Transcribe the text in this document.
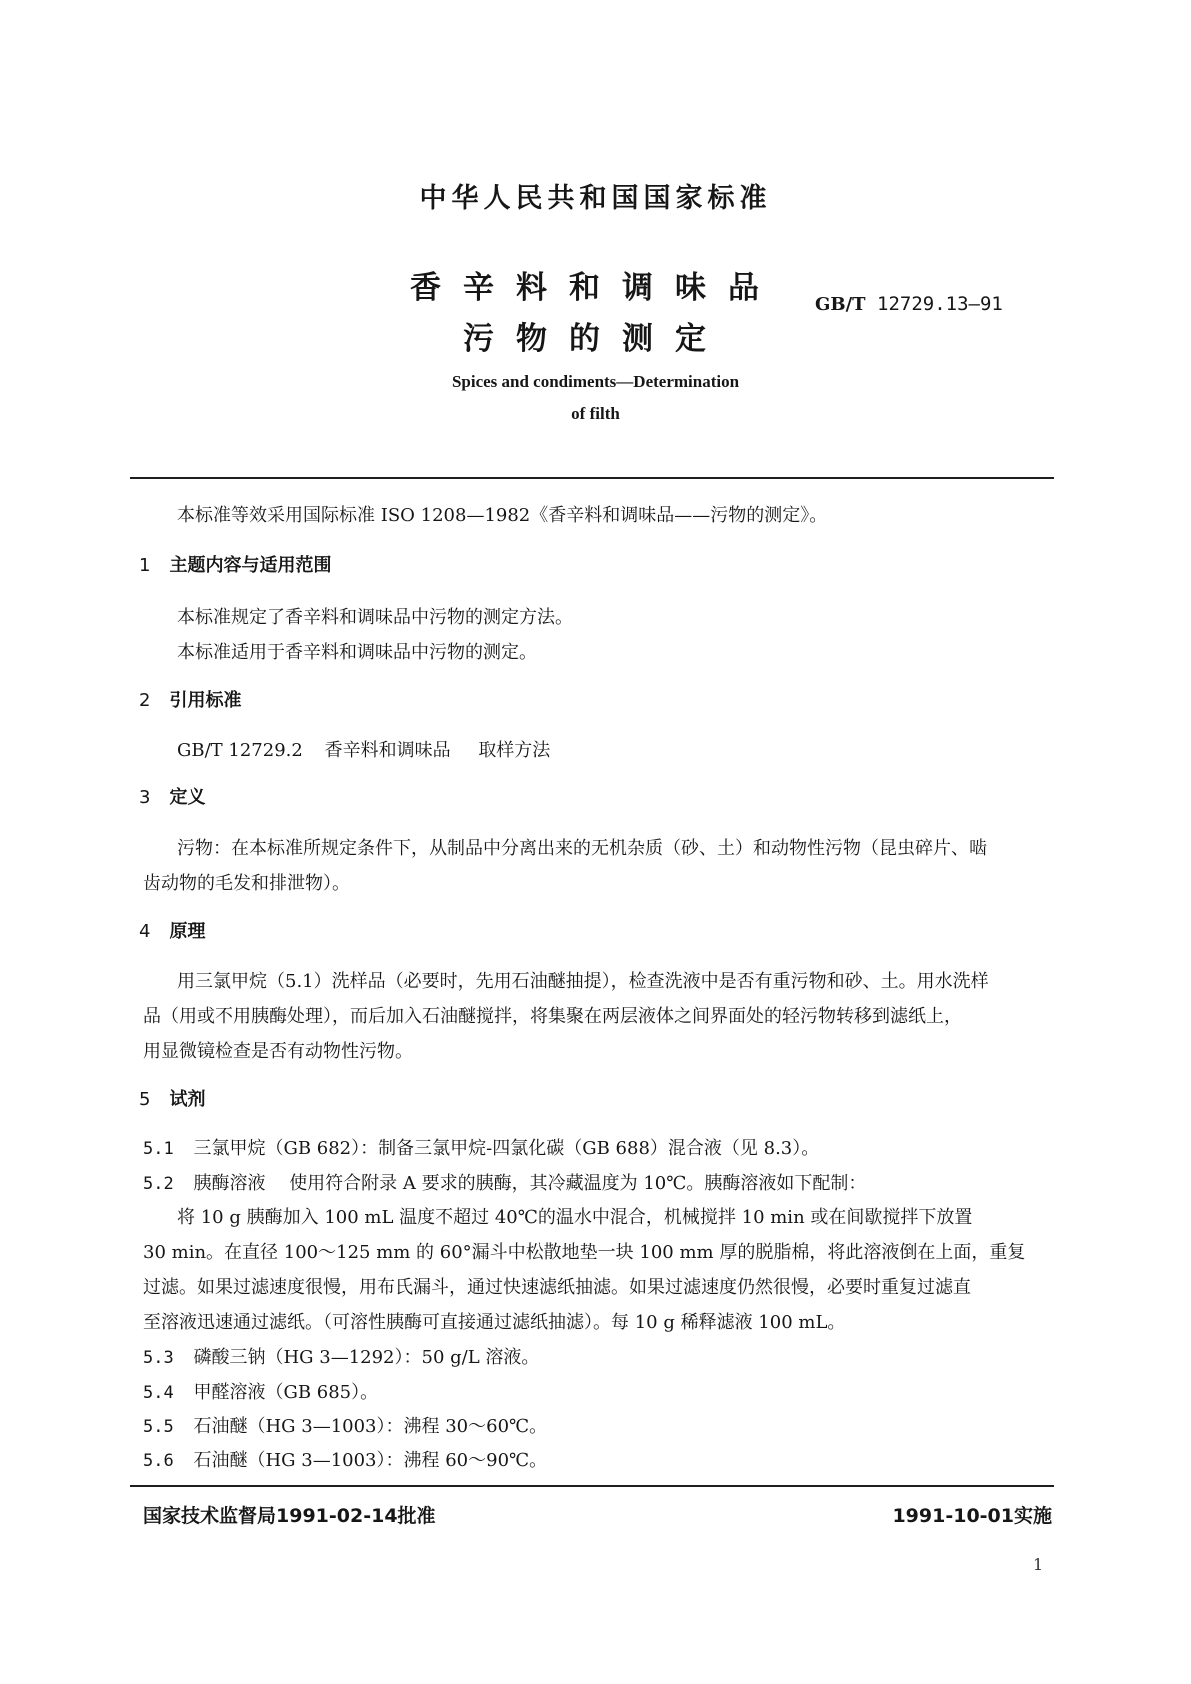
中华人民共和国国家标准
香辛料和调味品
污物的测定
GB/T 12729.13—91
Spices and condiments—Determination
of filth
本标准等效采用国际标准 ISO 1208—1982《香辛料和调味品——污物的测定》。
1 主题内容与适用范围
本标准规定了香辛料和调味品中污物的测定方法。
本标准适用于香辛料和调味品中污物的测定。
2 引用标准
GB/T 12729.2 香辛料和调味品 取样方法
3 定义
污物：在本标准所规定条件下，从制品中分离出来的无机杂质（砂、土）和动物性污物（昆虫碎片、啮
齿动物的毛发和排泄物）。
4 原理
用三氯甲烷（5.1）洗样品（必要时，先用石油醚抽提），检查洗液中是否有重污物和砂、土。用水洗样
品（用或不用胰酶处理），而后加入石油醚搅拌，将集聚在两层液体之间界面处的轻污物转移到滤纸上，
用显微镜检查是否有动物性污物。
5 试剂
5.1 三氯甲烷（GB 682）：制备三氯甲烷-四氯化碳（GB 688）混合液（见 8.3）。
5.2 胰酶溶液 使用符合附录 A 要求的胰酶，其冷藏温度为 10℃。胰酶溶液如下配制：
将 10 g 胰酶加入 100 mL 温度不超过 40℃的温水中混合，机械搅拌 10 min 或在间歇搅拌下放置
30 min。在直径 100～125 mm 的 60°漏斗中松散地垫一块 100 mm 厚的脱脂棉，将此溶液倒在上面，重复
过滤。如果过滤速度很慢，用布氏漏斗，通过快速滤纸抽滤。如果过滤速度仍然很慢，必要时重复过滤直
至溶液迅速通过滤纸。（可溶性胰酶可直接通过滤纸抽滤）。每 10 g 稀释滤液 100 mL。
5.3 磷酸三钠（HG 3—1292）：50 g/L 溶液。
5.4 甲醛溶液（GB 685）。
5.5 石油醚（HG 3—1003）：沸程 30～60℃。
5.6 石油醚（HG 3—1003）：沸程 60～90℃。
国家技术监督局1991-02-14批准	1991-10-01实施
1
